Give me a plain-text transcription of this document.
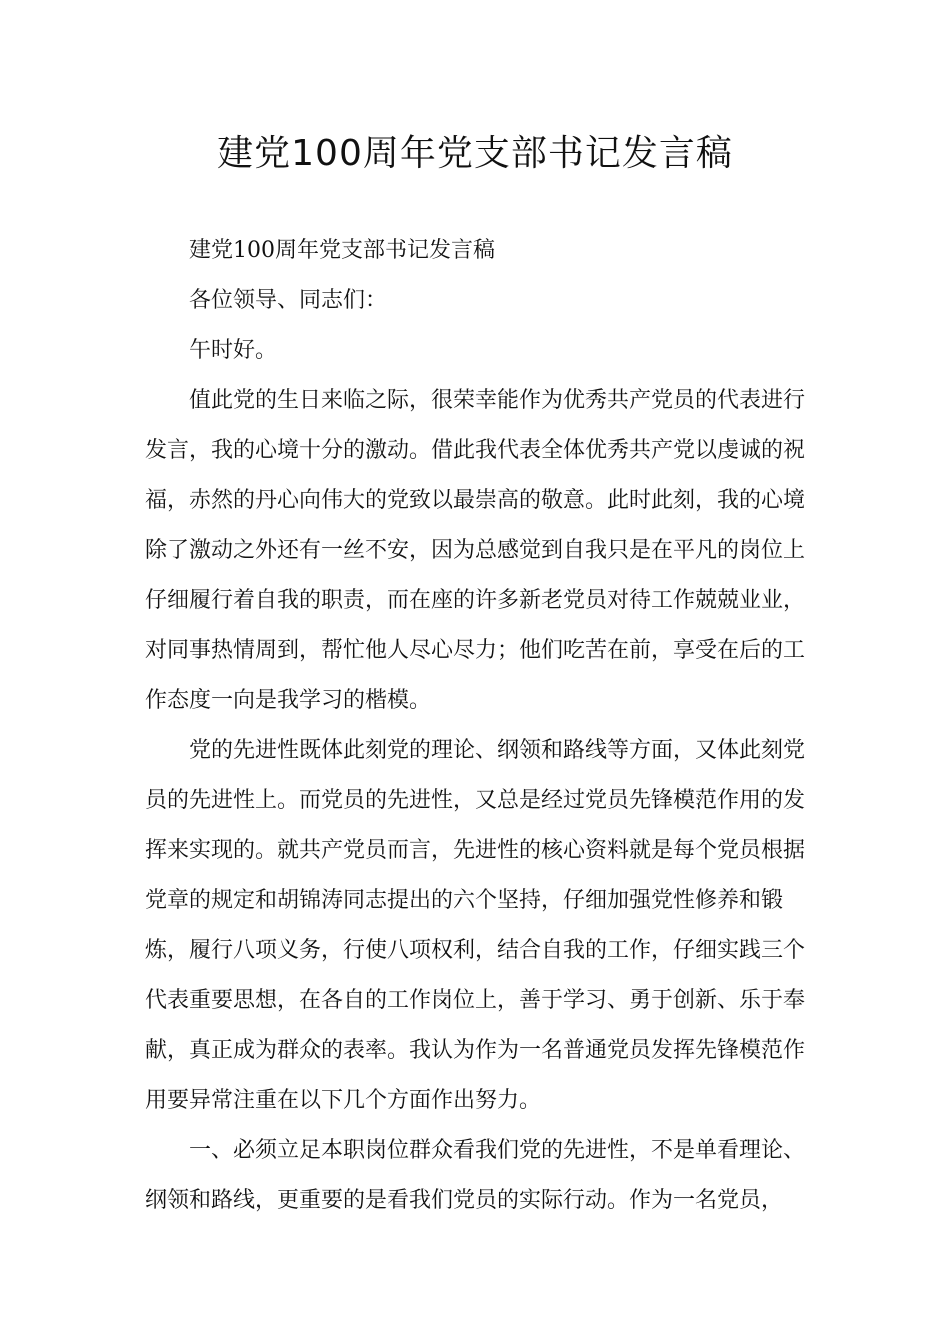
建党100周年党支部书记发言稿

建党100周年党支部书记发言稿

各位领导、同志们：

午时好。

值此党的生日来临之际，很荣幸能作为优秀共产党员的代表进行发言，我的心境十分的激动。借此我代表全体优秀共产党以虔诚的祝福，赤然的丹心向伟大的党致以最崇高的敬意。此时此刻，我的心境除了激动之外还有一丝不安，因为总感觉到自我只是在平凡的岗位上仔细履行着自我的职责，而在座的许多新老党员对待工作兢兢业业，对同事热情周到，帮忙他人尽心尽力；他们吃苦在前，享受在后的工作态度一向是我学习的楷模。

党的先进性既体此刻党的理论、纲领和路线等方面，又体此刻党员的先进性上。而党员的先进性，又总是经过党员先锋模范作用的发挥来实现的。就共产党员而言，先进性的核心资料就是每个党员根据党章的规定和胡锦涛同志提出的六个坚持，仔细加强党性修养和锻炼，履行八项义务，行使八项权利，结合自我的工作，仔细实践三个代表重要思想，在各自的工作岗位上，善于学习、勇于创新、乐于奉献，真正成为群众的表率。我认为作为一名普通党员发挥先锋模范作用要异常注重在以下几个方面作出努力。

一、必须立足本职岗位群众看我们党的先进性，不是单看理论、纲领和路线，更重要的是看我们党员的实际行动。作为一名党员，
